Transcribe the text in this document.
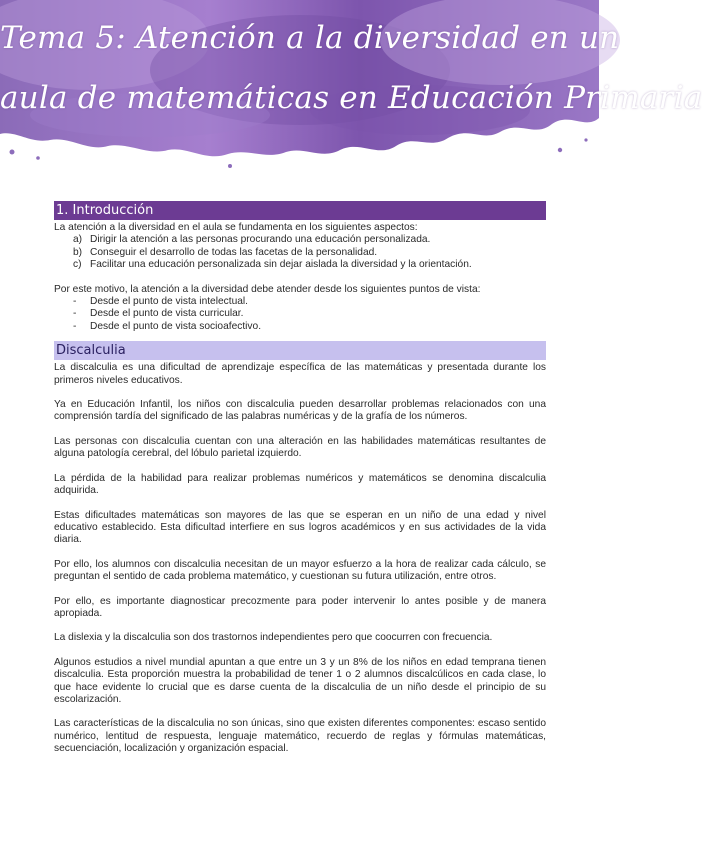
Tema 5: Atención a la diversidad en un
aula de matemáticas en Educación Primaria
1. Introducción

La atención a la diversidad en el aula se fundamenta en los siguientes aspectos:

a) Dirigir la atención a las personas procurando una educación personalizada.
b) Conseguir el desarrollo de todas las facetas de la personalidad.
c) Facilitar una educación personalizada sin dejar aislada la diversidad y la orientación.

Por este motivo, la atención a la diversidad debe atender desde los siguientes puntos de vista:

- Desde el punto de vista intelectual.
- Desde el punto de vista curricular.
- Desde el punto de vista socioafectivo.
Discalculia

La discalculia es una dificultad de aprendizaje específica de las matemáticas y presentada durante los primeros niveles educativos.

Ya en Educación Infantil, los niños con discalculia pueden desarrollar problemas relacionados con una comprensión tardía del significado de las palabras numéricas y de la grafía de los números.

Las personas con discalculia cuentan con una alteración en las habilidades matemáticas resultantes de alguna patología cerebral, del lóbulo parietal izquierdo.

La pérdida de la habilidad para realizar problemas numéricos y matemáticos se denomina discalculia adquirida.

Estas dificultades matemáticas son mayores de las que se esperan en un niño de una edad y nivel educativo establecido. Esta dificultad interfiere en sus logros académicos y en sus actividades de la vida diaria.

Por ello, los alumnos con discalculia necesitan de un mayor esfuerzo a la hora de realizar cada cálculo, se preguntan el sentido de cada problema matemático, y cuestionan su futura utilización, entre otros.

Por ello, es importante diagnosticar precozmente para poder intervenir lo antes posible y de manera apropiada.

La dislexia y la discalculia son dos trastornos independientes pero que coocurren con frecuencia.

Algunos estudios a nivel mundial apuntan a que entre un 3 y un 8% de los niños en edad temprana tienen discalculia. Esta proporción muestra la probabilidad de tener 1 o 2 alumnos discalcúlicos en cada clase, lo que hace evidente lo crucial que es darse cuenta de la discalculia de un niño desde el principio de su escolarización.

Las características de la discalculia no son únicas, sino que existen diferentes componentes: escaso sentido numérico, lentitud de respuesta, lenguaje matemático, recuerdo de reglas y fórmulas matemáticas, secuenciación, localización y organización espacial.
